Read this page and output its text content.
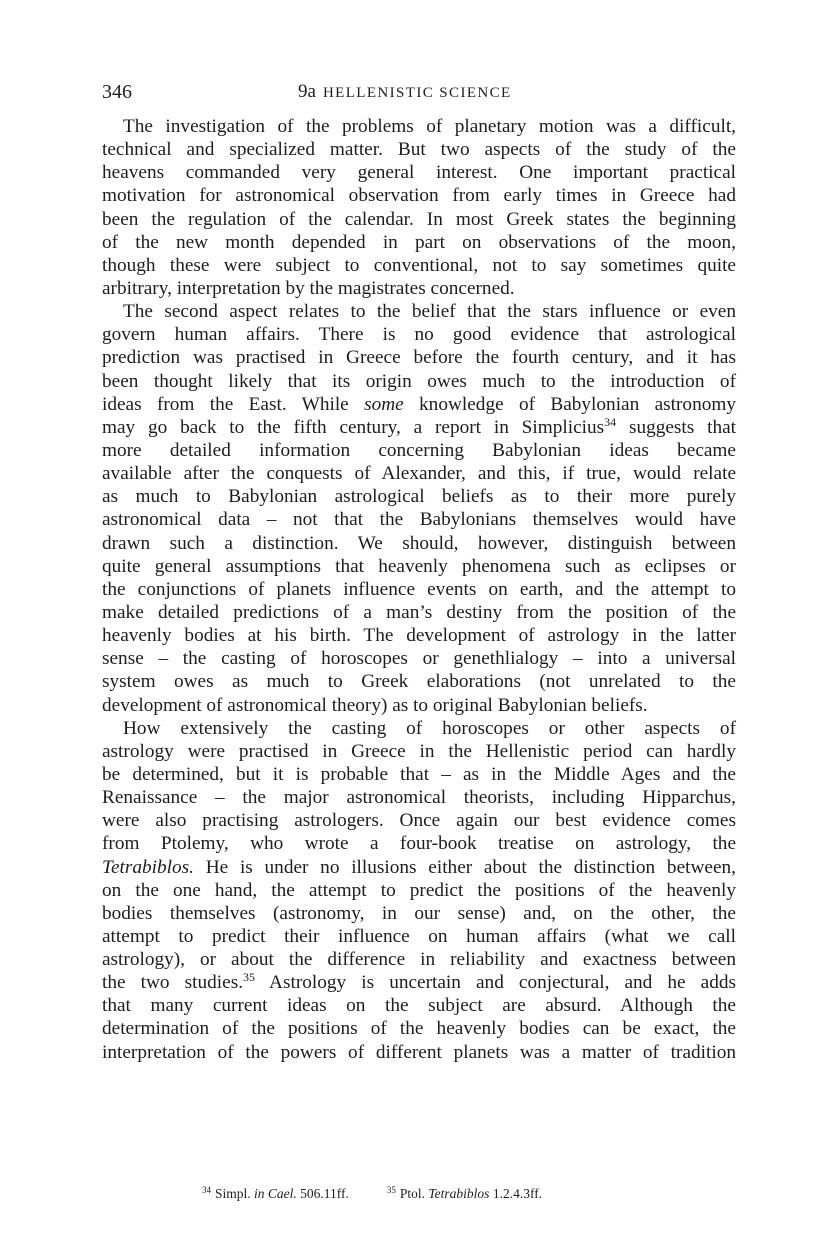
346	9a HELLENISTIC SCIENCE
The investigation of the problems of planetary motion was a difficult,
technical and specialized matter. But two aspects of the study of the
heavens commanded very general interest. One important practical
motivation for astronomical observation from early times in Greece had
been the regulation of the calendar. In most Greek states the beginning
of the new month depended in part on observations of the moon,
though these were subject to conventional, not to say sometimes quite
arbitrary, interpretation by the magistrates concerned.
The second aspect relates to the belief that the stars influence or even
govern human affairs. There is no good evidence that astrological
prediction was practised in Greece before the fourth century, and it has
been thought likely that its origin owes much to the introduction of
ideas from the East. While some knowledge of Babylonian astronomy
may go back to the fifth century, a report in Simplicius$^{34}$ suggests that
more detailed information concerning Babylonian ideas became
available after the conquests of Alexander, and this, if true, would relate
as much to Babylonian astrological beliefs as to their more purely
astronomical data – not that the Babylonians themselves would have
drawn such a distinction. We should, however, distinguish between
quite general assumptions that heavenly phenomena such as eclipses or
the conjunctions of planets influence events on earth, and the attempt to
make detailed predictions of a man’s destiny from the position of the
heavenly bodies at his birth. The development of astrology in the latter
sense – the casting of horoscopes or genethlialogy – into a universal
system owes as much to Greek elaborations (not unrelated to the
development of astronomical theory) as to original Babylonian beliefs.
How extensively the casting of horoscopes or other aspects of
astrology were practised in Greece in the Hellenistic period can hardly
be determined, but it is probable that – as in the Middle Ages and the
Renaissance – the major astronomical theorists, including Hipparchus,
were also practising astrologers. Once again our best evidence comes
from Ptolemy, who wrote a four-book treatise on astrology, the
Tetrabiblos. He is under no illusions either about the distinction between,
on the one hand, the attempt to predict the positions of the heavenly
bodies themselves (astronomy, in our sense) and, on the other, the
attempt to predict their influence on human affairs (what we call
astrology), or about the difference in reliability and exactness between
the two studies.$^{35}$ Astrology is uncertain and conjectural, and he adds
that many current ideas on the subject are absurd. Although the
determination of the positions of the heavenly bodies can be exact, the
interpretation of the powers of different planets was a matter of tradition
$^{34}$ Simpl. in Cael. 506.11ff.	$^{35}$ Ptol. Tetrabiblos 1.2.4.3ff.
